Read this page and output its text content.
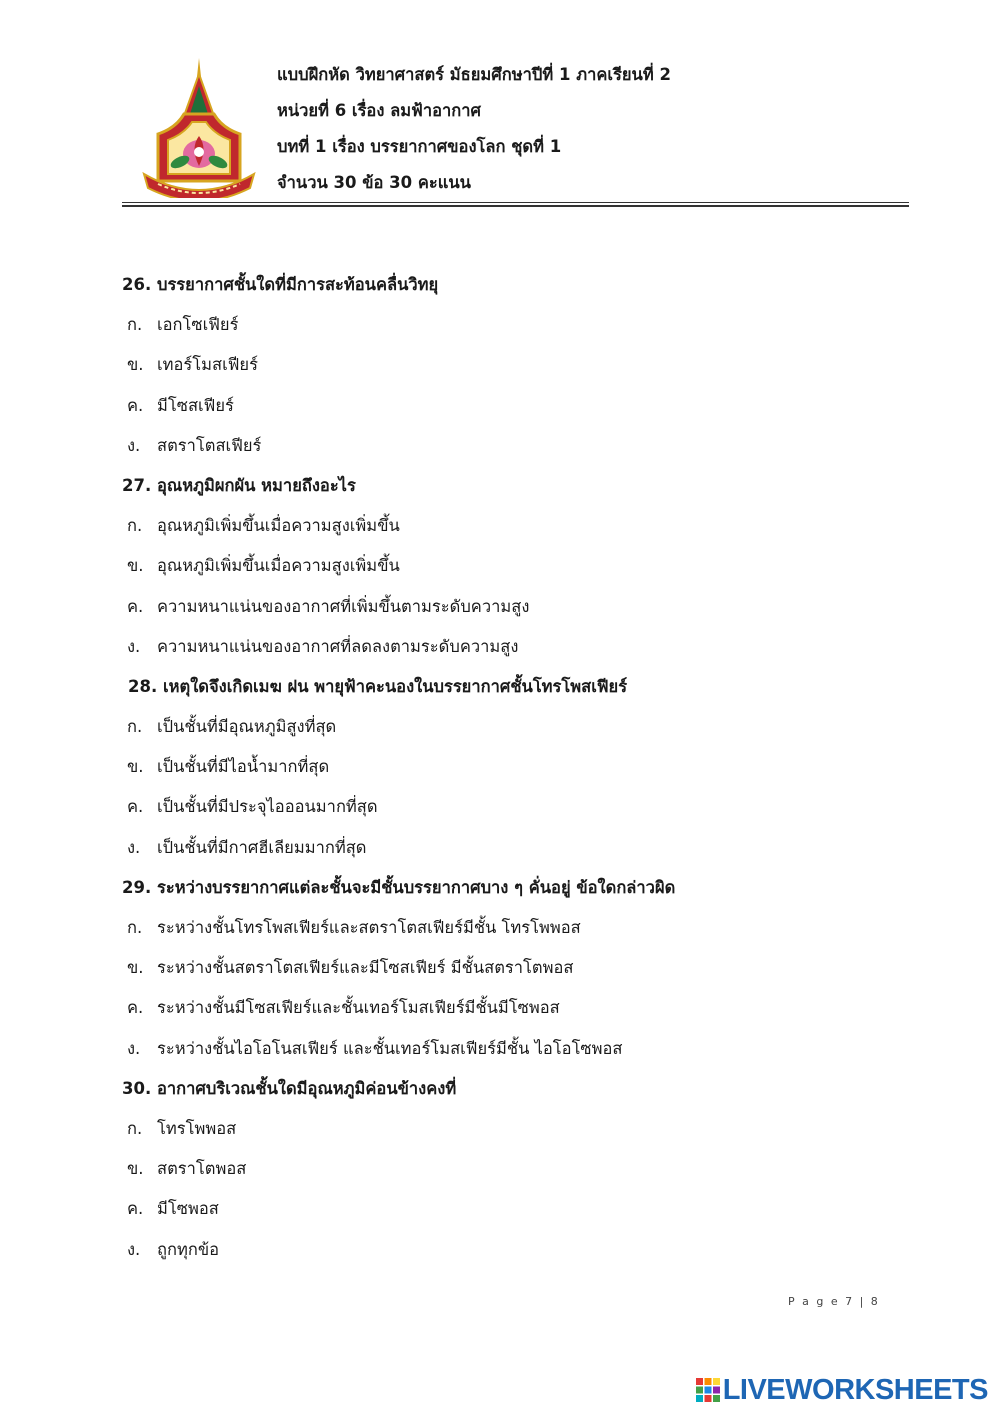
แบบฝึกหัด วิทยาศาสตร์ มัธยมศึกษาปีที่ 1 ภาคเรียนที่ 2
หน่วยที่ 6 เรื่อง ลมฟ้าอากาศ
บทที่ 1 เรื่อง บรรยากาศของโลก ชุดที่ 1
จำนวน 30 ข้อ 30 คะแนน
26. บรรยากาศชั้นใดที่มีการสะท้อนคลื่นวิทยุ
ก. เอกโซเฟียร์
ข. เทอร์โมสเฟียร์
ค. มีโซสเฟียร์
ง. สตราโตสเฟียร์
27. อุณหภูมิผกผัน หมายถึงอะไร
ก. อุณหภูมิเพิ่มขึ้นเมื่อความสูงเพิ่มขึ้น
ข. อุณหภูมิเพิ่มขึ้นเมื่อความสูงเพิ่มขึ้น
ค. ความหนาแน่นของอากาศที่เพิ่มขึ้นตามระดับความสูง
ง. ความหนาแน่นของอากาศที่ลดลงตามระดับความสูง
28. เหตุใดจึงเกิดเมฆ ฝน พายุฟ้าคะนองในบรรยากาศชั้นโทรโพสเฟียร์
ก. เป็นชั้นที่มีอุณหภูมิสูงที่สุด
ข. เป็นชั้นที่มีไอน้ำมากที่สุด
ค. เป็นชั้นที่มีประจุไอออนมากที่สุด
ง. เป็นชั้นที่มีกาศฮีเลียมมากที่สุด
29. ระหว่างบรรยากาศแต่ละชั้นจะมีชั้นบรรยากาศบาง ๆ คั่นอยู่ ข้อใดกล่าวผิด
ก. ระหว่างชั้นโทรโพสเฟียร์และสตราโตสเฟียร์มีชั้น โทรโพพอส
ข. ระหว่างชั้นสตราโตสเฟียร์และมีโซสเฟียร์ มีชั้นสตราโตพอส
ค. ระหว่างชั้นมีโซสเฟียร์และชั้นเทอร์โมสเฟียร์มีชั้นมีโซพอส
ง. ระหว่างชั้นไอโอโนสเฟียร์ และชั้นเทอร์โมสเฟียร์มีชั้น ไอโอโซพอส
30. อากาศบริเวณชั้นใดมีอุณหภูมิค่อนข้างคงที่
ก. โทรโพพอส
ข. สตราโตพอส
ค. มีโซพอส
ง. ถูกทุกข้อ
P a g e 7 | 8
LIVEWORKSHEETS
